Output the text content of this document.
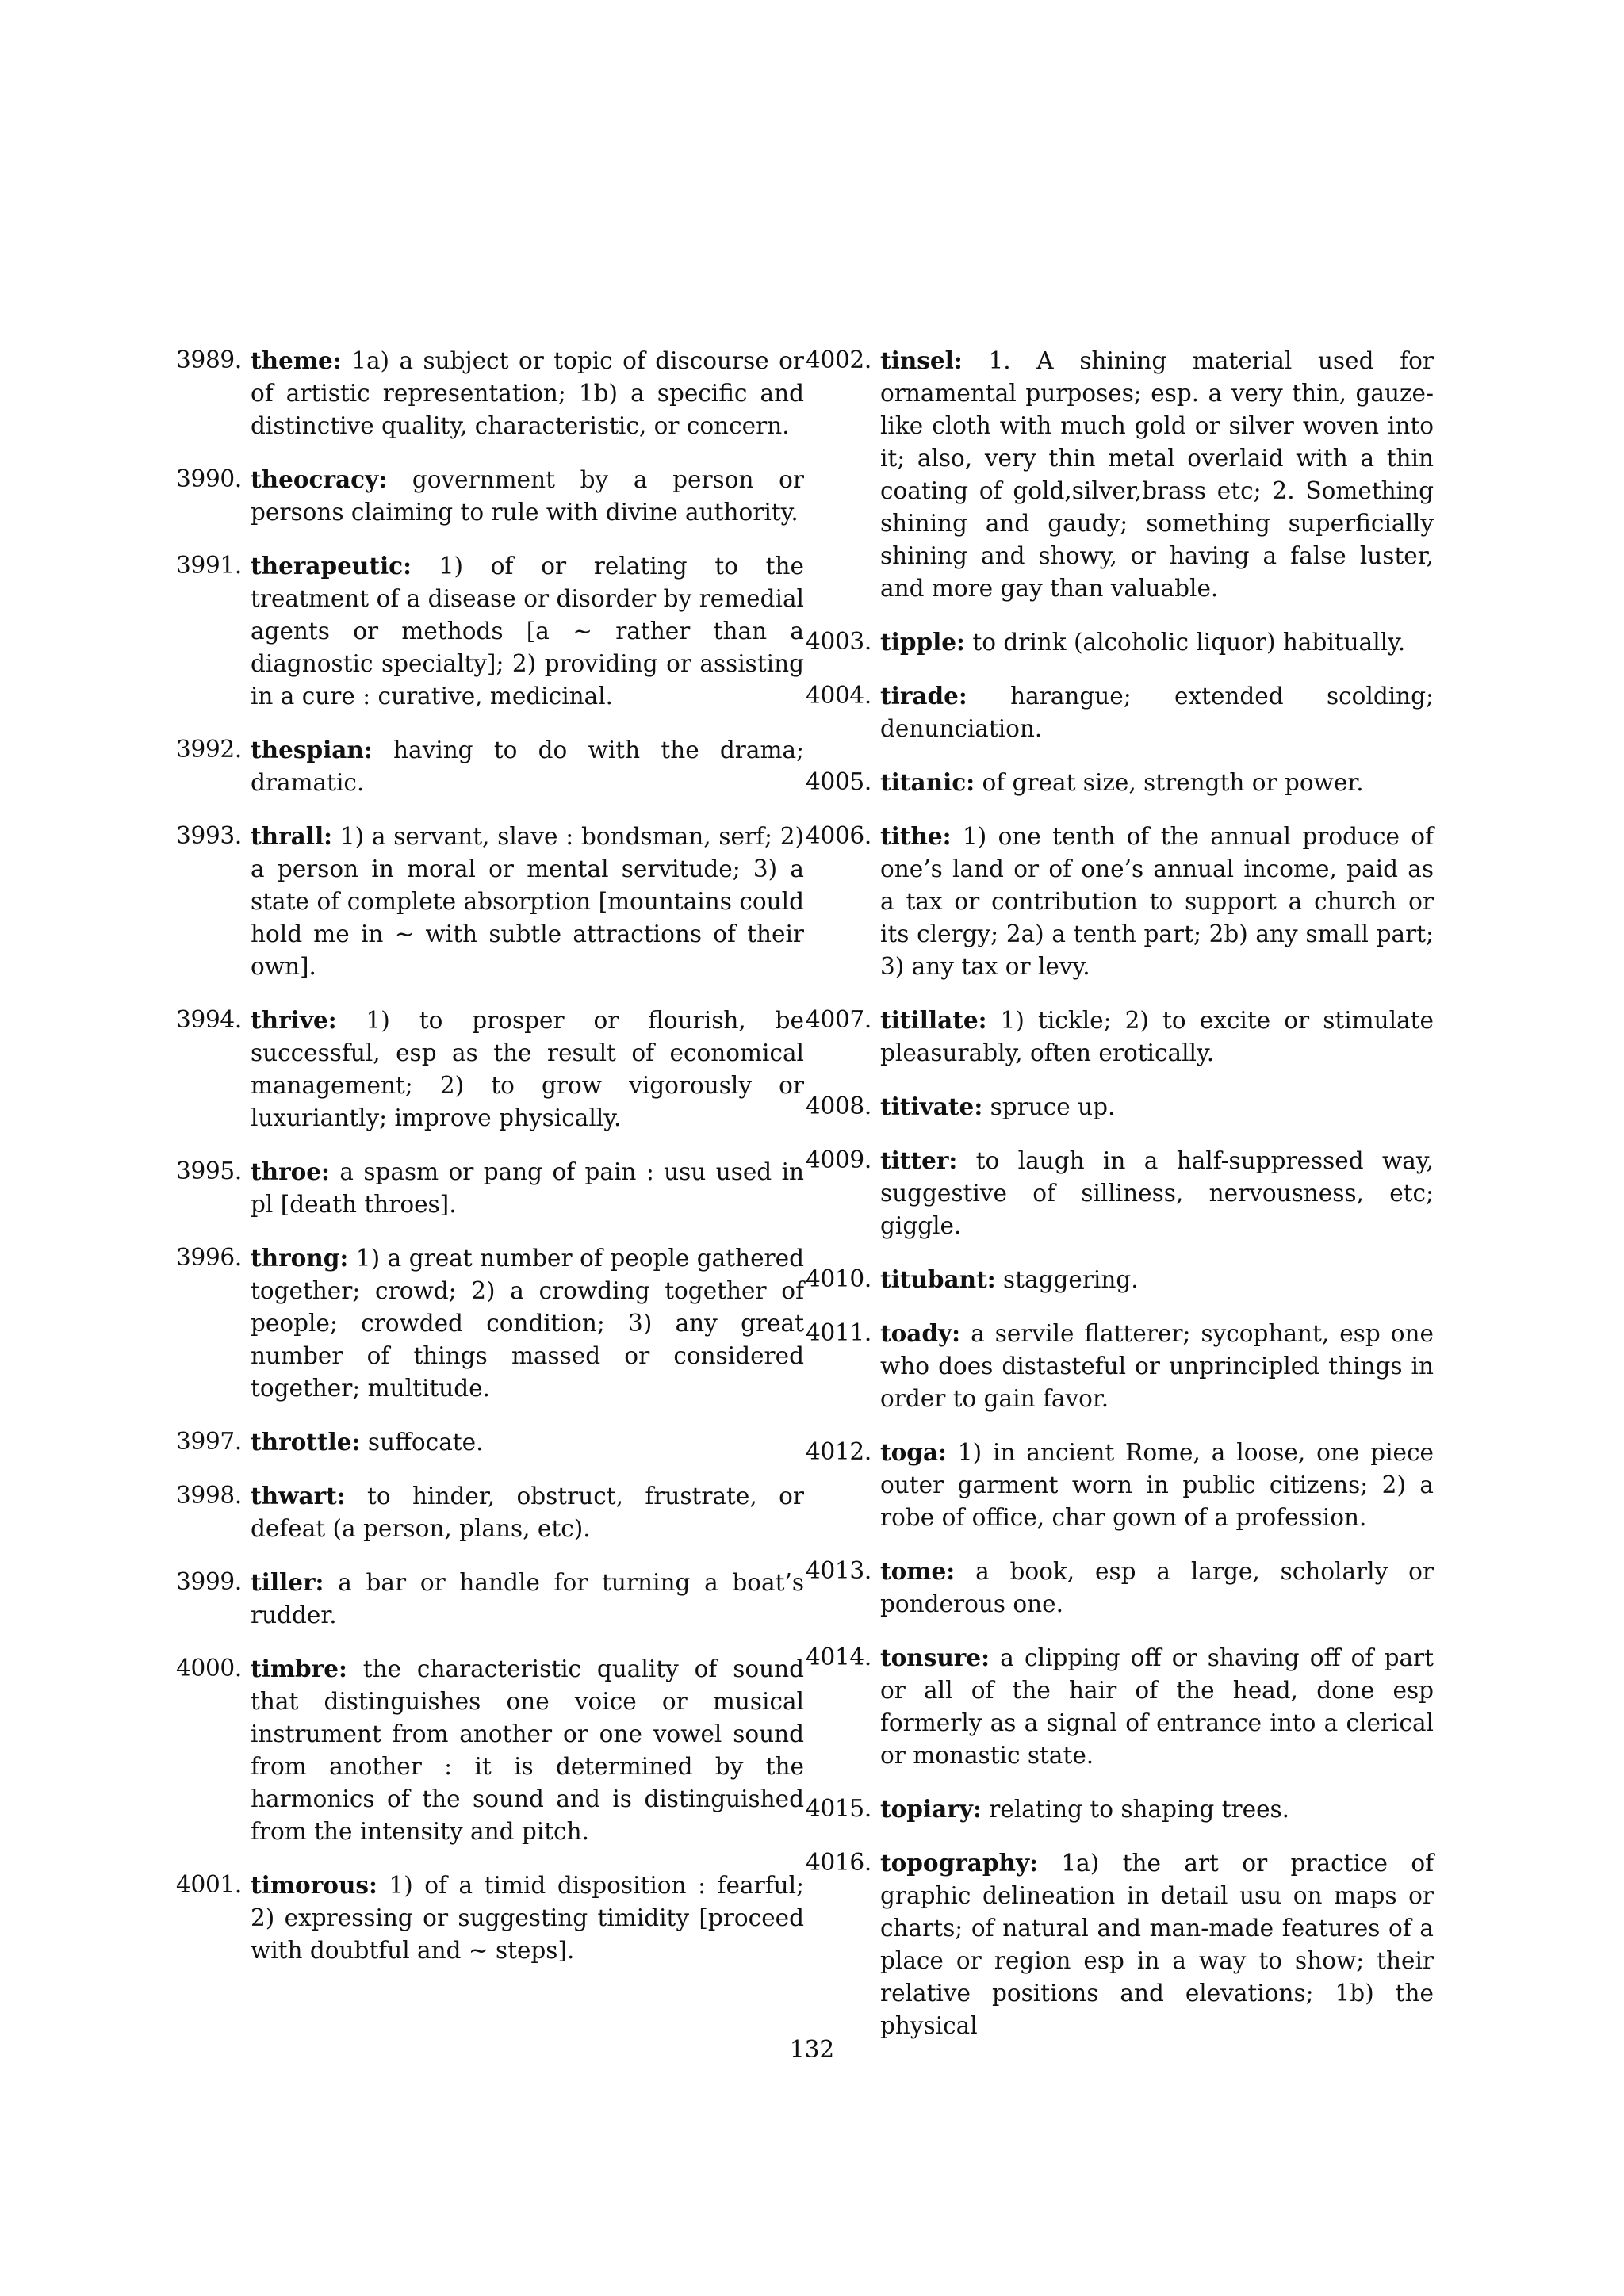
3989. theme: 1a) a subject or topic of discourse or of artistic representation; 1b) a specific and distinctive quality, characteristic, or concern.
3990. theocracy: government by a person or persons claiming to rule with divine authority.
3991. therapeutic: 1) of or relating to the treatment of a disease or disorder by remedial agents or methods [a ∼ rather than a diagnostic specialty]; 2) providing or assisting in a cure : curative, medicinal.
3992. thespian: having to do with the drama; dramatic.
3993. thrall: 1) a servant, slave : bondsman, serf; 2) a person in moral or mental servitude; 3) a state of complete absorption [mountains could hold me in ∼ with subtle attractions of their own].
3994. thrive: 1) to prosper or flourish, be successful, esp as the result of economical management; 2) to grow vigorously or luxuriantly; improve physically.
3995. throe: a spasm or pang of pain : usu used in pl [death throes].
3996. throng: 1) a great number of people gathered together; crowd; 2) a crowding together of people; crowded condition; 3) any great number of things massed or considered together; multitude.
3997. throttle: suffocate.
3998. thwart: to hinder, obstruct, frustrate, or defeat (a person, plans, etc).
3999. tiller: a bar or handle for turning a boat’s rudder.
4000. timbre: the characteristic quality of sound that distinguishes one voice or musical instrument from another or one vowel sound from another : it is determined by the harmonics of the sound and is distinguished from the intensity and pitch.
4001. timorous: 1) of a timid disposition : fearful; 2) expressing or suggesting timidity [proceed with doubtful and ∼ steps].
4002. tinsel: 1. A shining material used for ornamental purposes; esp. a very thin, gauze-like cloth with much gold or silver woven into it; also, very thin metal overlaid with a thin coating of gold,silver,brass etc; 2. Something shining and gaudy; something superficially shining and showy, or having a false luster, and more gay than valuable.
4003. tipple: to drink (alcoholic liquor) habitually.
4004. tirade: harangue; extended scolding; denunciation.
4005. titanic: of great size, strength or power.
4006. tithe: 1) one tenth of the annual produce of one’s land or of one’s annual income, paid as a tax or contribution to support a church or its clergy; 2a) a tenth part; 2b) any small part; 3) any tax or levy.
4007. titillate: 1) tickle; 2) to excite or stimulate pleasurably, often erotically.
4008. titivate: spruce up.
4009. titter: to laugh in a half-suppressed way, suggestive of silliness, nervousness, etc; giggle.
4010. titubant: staggering.
4011. toady: a servile flatterer; sycophant, esp one who does distasteful or unprincipled things in order to gain favor.
4012. toga: 1) in ancient Rome, a loose, one piece outer garment worn in public citizens; 2) a robe of office, char gown of a profession.
4013. tome: a book, esp a large, scholarly or ponderous one.
4014. tonsure: a clipping off or shaving off of part or all of the hair of the head, done esp formerly as a signal of entrance into a clerical or monastic state.
4015. topiary: relating to shaping trees.
4016. topography: 1a) the art or practice of graphic delineation in detail usu on maps or charts; of natural and man-made features of a place or region esp in a way to show; their relative positions and elevations; 1b) the physical
132
